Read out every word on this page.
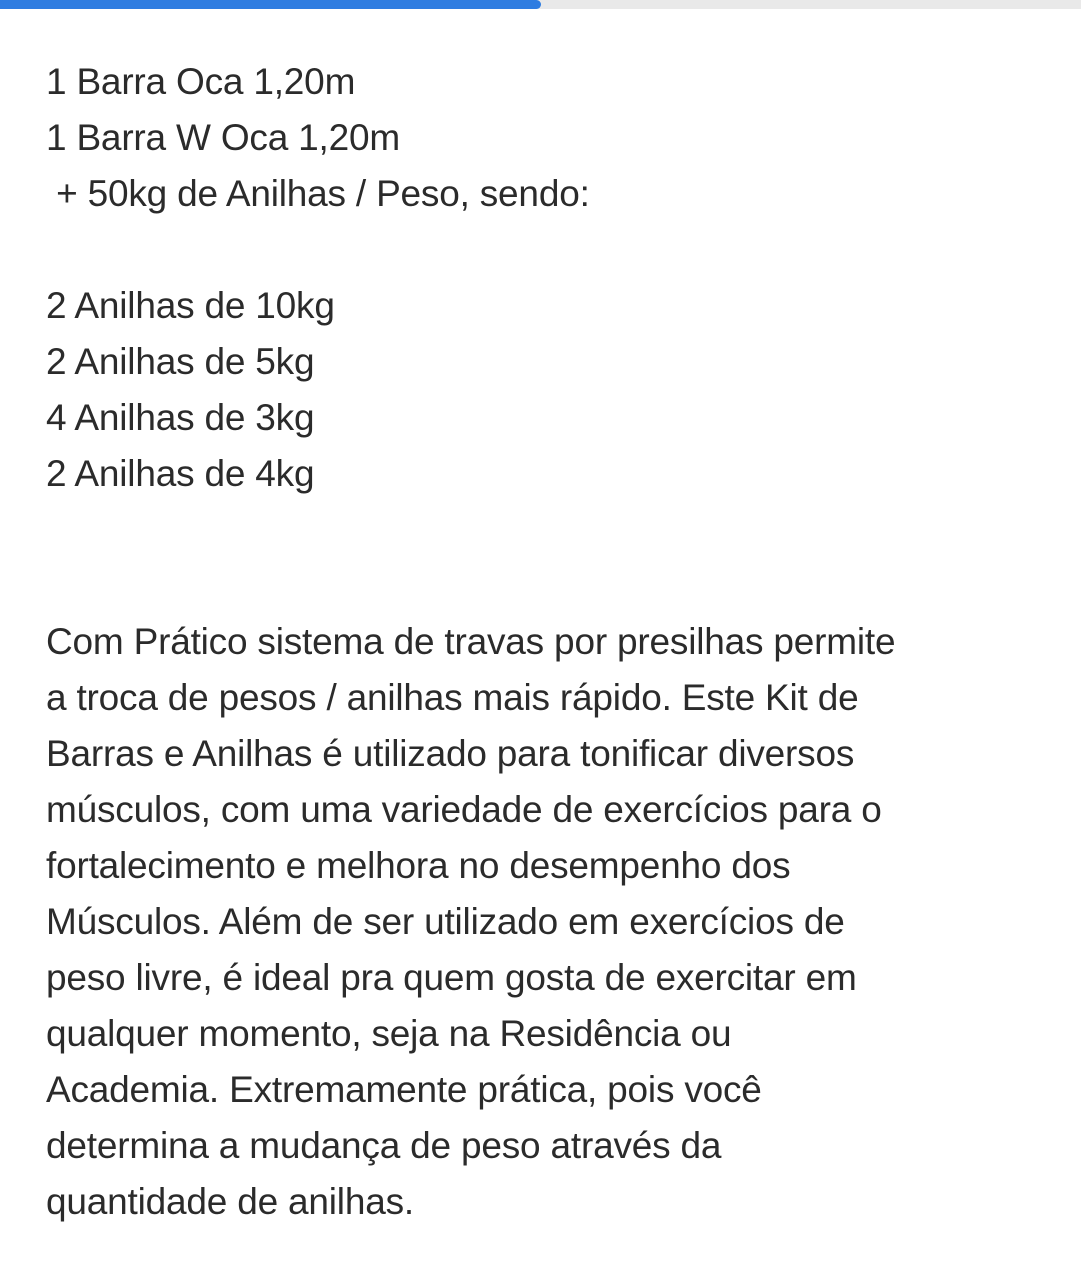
1 Barra Oca 1,20m
1 Barra W Oca 1,20m
+ 50kg de Anilhas / Peso, sendo:
2 Anilhas de 10kg
2 Anilhas de 5kg
4 Anilhas de 3kg
2 Anilhas de 4kg
Com Prático sistema de travas por presilhas permite
a troca de pesos / anilhas mais rápido. Este Kit de
Barras e Anilhas é utilizado para tonificar diversos
músculos, com uma variedade de exercícios para o
fortalecimento e melhora no desempenho dos
Músculos. Além de ser utilizado em exercícios de
peso livre, é ideal pra quem gosta de exercitar em
qualquer momento, seja na Residência ou
Academia. Extremamente prática, pois você
determina a mudança de peso através da
quantidade de anilhas.
